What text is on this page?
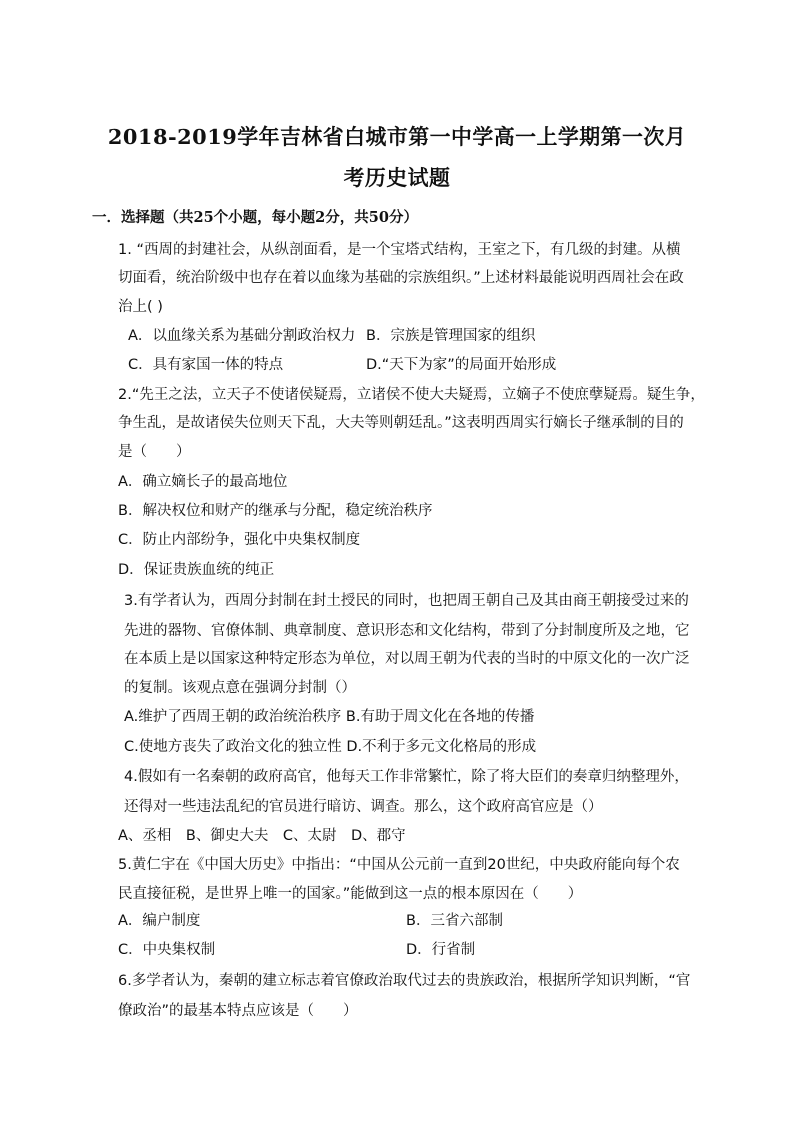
2018-2019学年吉林省白城市第一中学高一上学期第一次月
考历史试题
一．选择题（共25个小题，每小题2分，共50分）
1. “西周的封建社会，从纵剖面看，是一个宝塔式结构，王室之下，有几级的封建。从横
切面看，统治阶级中也存在着以血缘为基础的宗族组织。”上述材料最能说明西周社会在政
治上( )
A．以血缘关系为基础分割政治权力 B．宗族是管理国家的组织
C．具有家国一体的特点	D.“天下为家”的局面开始形成
2.“先王之法，立天子不使诸侯疑焉，立诸侯不使大夫疑焉，立嫡子不使庶孽疑焉。疑生争，
争生乱，是故诸侯失位则天下乱，大夫等则朝廷乱。”这表明西周实行嫡长子继承制的目的
是（　　）
A．确立嫡长子的最高地位
B．解决权位和财产的继承与分配，稳定统治秩序
C．防止内部纷争，强化中央集权制度
D．保证贵族血统的纯正
3.有学者认为，西周分封制在封土授民的同时，也把周王朝自己及其由商王朝接受过来的
先进的器物、官僚体制、典章制度、意识形态和文化结构，带到了分封制度所及之地，它
在本质上是以国家这种特定形态为单位，对以周王朝为代表的当时的中原文化的一次广泛
的复制。该观点意在强调分封制（）
A.维护了西周王朝的政治统治秩序 B.有助于周文化在各地的传播
C.使地方丧失了政治文化的独立性 D.不利于多元文化格局的形成
4.假如有一名秦朝的政府高官，他每天工作非常繁忙，除了将大臣们的奏章归纳整理外，
还得对一些违法乱纪的官员进行暗访、调查。那么，这个政府高官应是（）
A、丞相　B、御史大夫　C、太尉　D、郡守
5.黄仁宇在《中国大历史》中指出：“中国从公元前一直到20世纪，中央政府能向每个农
民直接征税，是世界上唯一的国家。”能做到这一点的根本原因在（　　）
A．编户制度	B．三省六部制
C．中央集权制	D．行省制
6.多学者认为，秦朝的建立标志着官僚政治取代过去的贵族政治，根据所学知识判断，“官
僚政治”的最基本特点应该是（　　）
